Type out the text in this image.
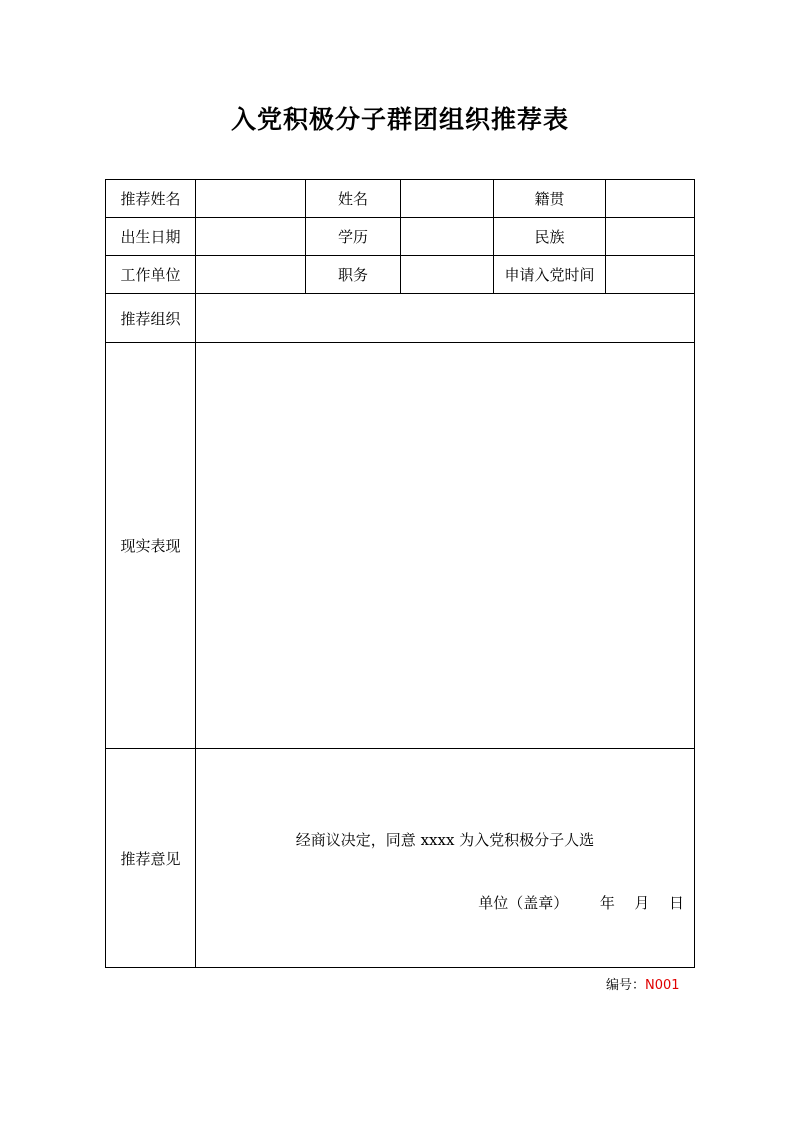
入党积极分子群团组织推荐表
推荐姓名		姓名		籍贯	
出生日期		学历		民族	
工作单位		职务		申请入党时间	
推荐组织					
现实表现					
推荐意见	经商议决定，同意 xxxx 为入党积极分子人选
单位（盖章） 年 月 日				
编号：N001
